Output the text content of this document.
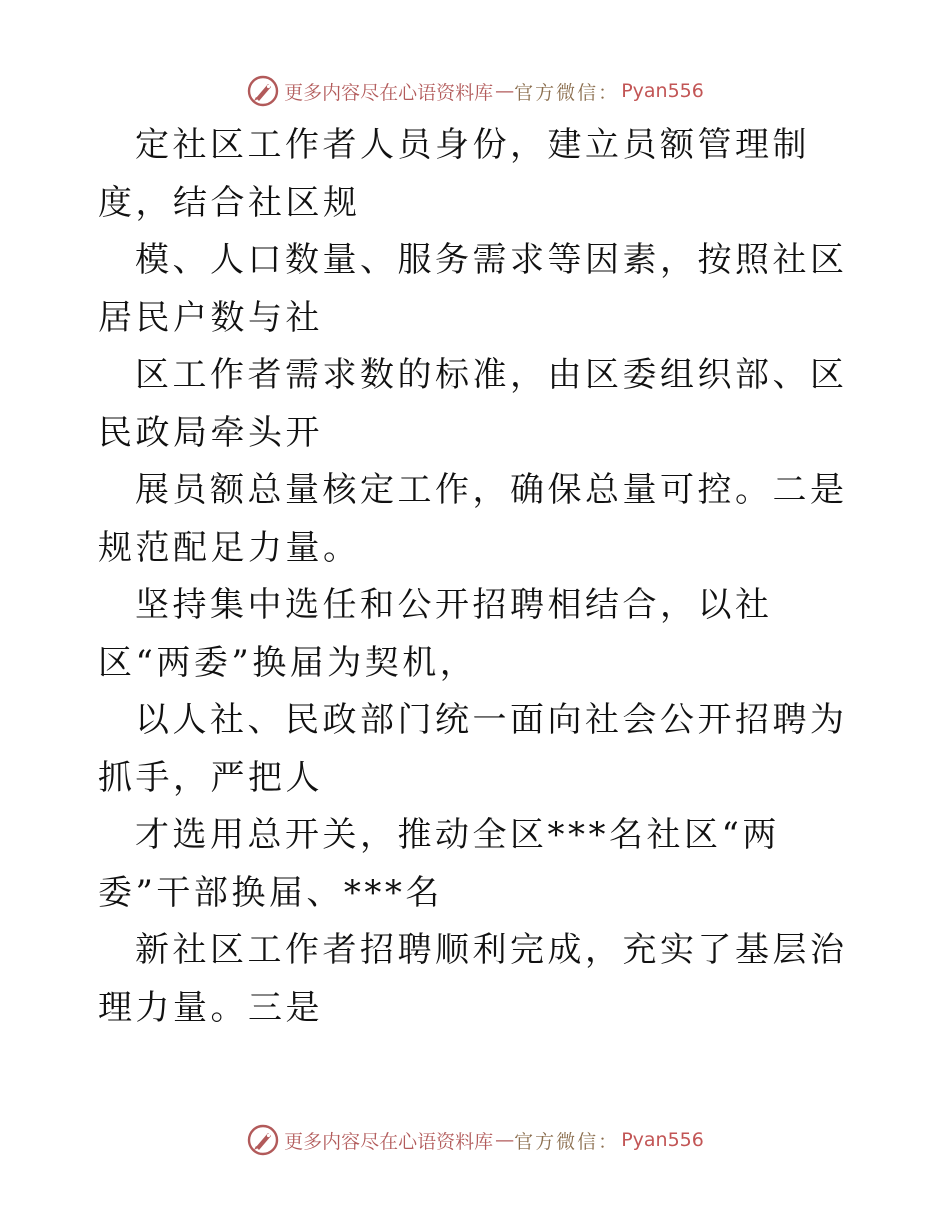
更多内容尽在心语资料库 — 官方微信： Pyan556

定社区工作者人员身份，建立员额管理制度，结合社区规

模、人口数量、服务需求等因素，按照社区居民户数与社

区工作者需求数的标准，由区委组织部、区民政局牵头开

展员额总量核定工作，确保总量可控。二是规范配足力量。

坚持集中选任和公开招聘相结合，以社区“两委”换届为契机，

以人社、民政部门统一面向社会公开招聘为抓手，严把人

才选用总开关，推动全区***名社区“两委”干部换届、***名

新社区工作者招聘顺利完成，充实了基层治理力量。三是

更多内容尽在心语资料库 — 官方微信： Pyan556
